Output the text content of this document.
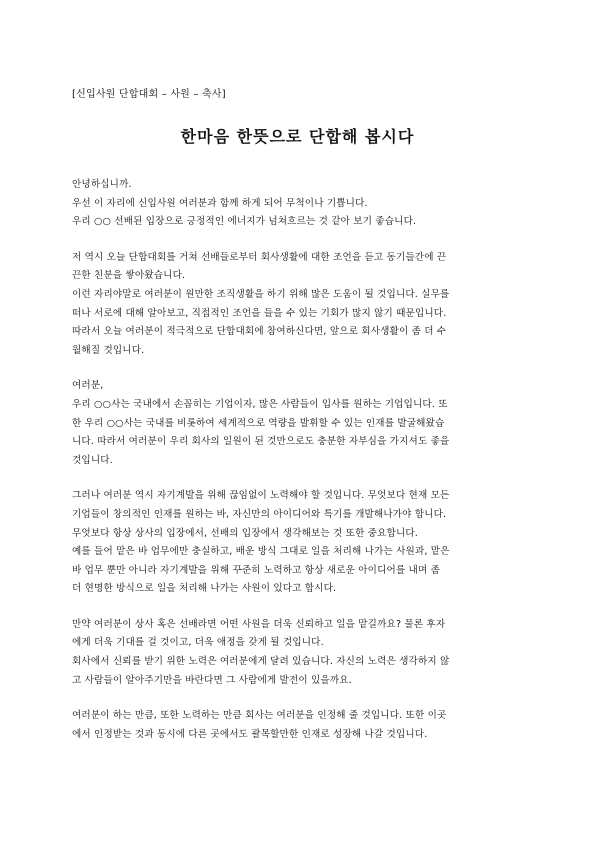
[신입사원 단합대회 – 사원 – 축사]
한마음 한뜻으로 단합해 봅시다

안녕하십니까.
우선 이 자리에 신입사원 여러분과 함께 하게 되어 무척이나 기쁩니다.
우리 ○○ 선배된 입장으로 긍정적인 에너지가 넘쳐흐르는 것 같아 보기 좋습니다.

저 역시 오늘 단합대회를 거쳐 선배들로부터 회사생활에 대한 조언을 듣고 동기들간에 끈
끈한 친분을 쌓아왔습니다.
이런 자리야말로 여러분이 원만한 조직생활을 하기 위해 많은 도움이 될 것입니다. 실무를
떠나 서로에 대해 알아보고, 직접적인 조언을 들을 수 있는 기회가 많지 않기 때문입니다.
따라서 오늘 여러분이 적극적으로 단합대회에 참여하신다면, 앞으로 회사생활이 좀 더 수
월해질 것입니다.

여러분,
우리 ○○사는 국내에서 손꼽히는 기업이자, 많은 사람들이 입사를 원하는 기업입니다. 또
한 우리 ○○사는 국내를 비롯하여 세계적으로 역량을 발휘할 수 있는 인재를 발굴해왔습
니다. 따라서 여러분이 우리 회사의 일원이 된 것만으로도 충분한 자부심을 가지셔도 좋을
것입니다.

그러나 여러분 역시 자기계발을 위해 끊임없이 노력해야 할 것입니다. 무엇보다 현재 모든
기업들이 창의적인 인재를 원하는 바, 자신만의 아이디어와 특기를 개발해나가야 합니다.
무엇보다 항상 상사의 입장에서, 선배의 입장에서 생각해보는 것 또한 중요합니다.
예를 들어 맡은 바 업무에만 충실하고, 배운 방식 그대로 일을 처리해 나가는 사원과, 맡은
바 업무 뿐만 아니라 자기계발을 위해 꾸준히 노력하고 항상 새로운 아이디어를 내며 좀
더 현명한 방식으로 일을 처리해 나가는 사원이 있다고 합시다.

만약 여러분이 상사 혹은 선배라면 어떤 사원을 더욱 신뢰하고 일을 맡길까요? 물론 후자
에게 더욱 기대를 걸 것이고, 더욱 애정을 갖게 될 것입니다.
회사에서 신뢰를 받기 위한 노력은 여러분에게 달려 있습니다. 자신의 노력은 생각하지 않
고 사람들이 알아주기만을 바란다면 그 사람에게 발전이 있을까요.

여러분이 하는 만큼, 또한 노력하는 만큼 회사는 여러분을 인정해 줄 것입니다. 또한 이곳
에서 인정받는 것과 동시에 다른 곳에서도 괄목할만한 인재로 성장해 나갈 것입니다.
